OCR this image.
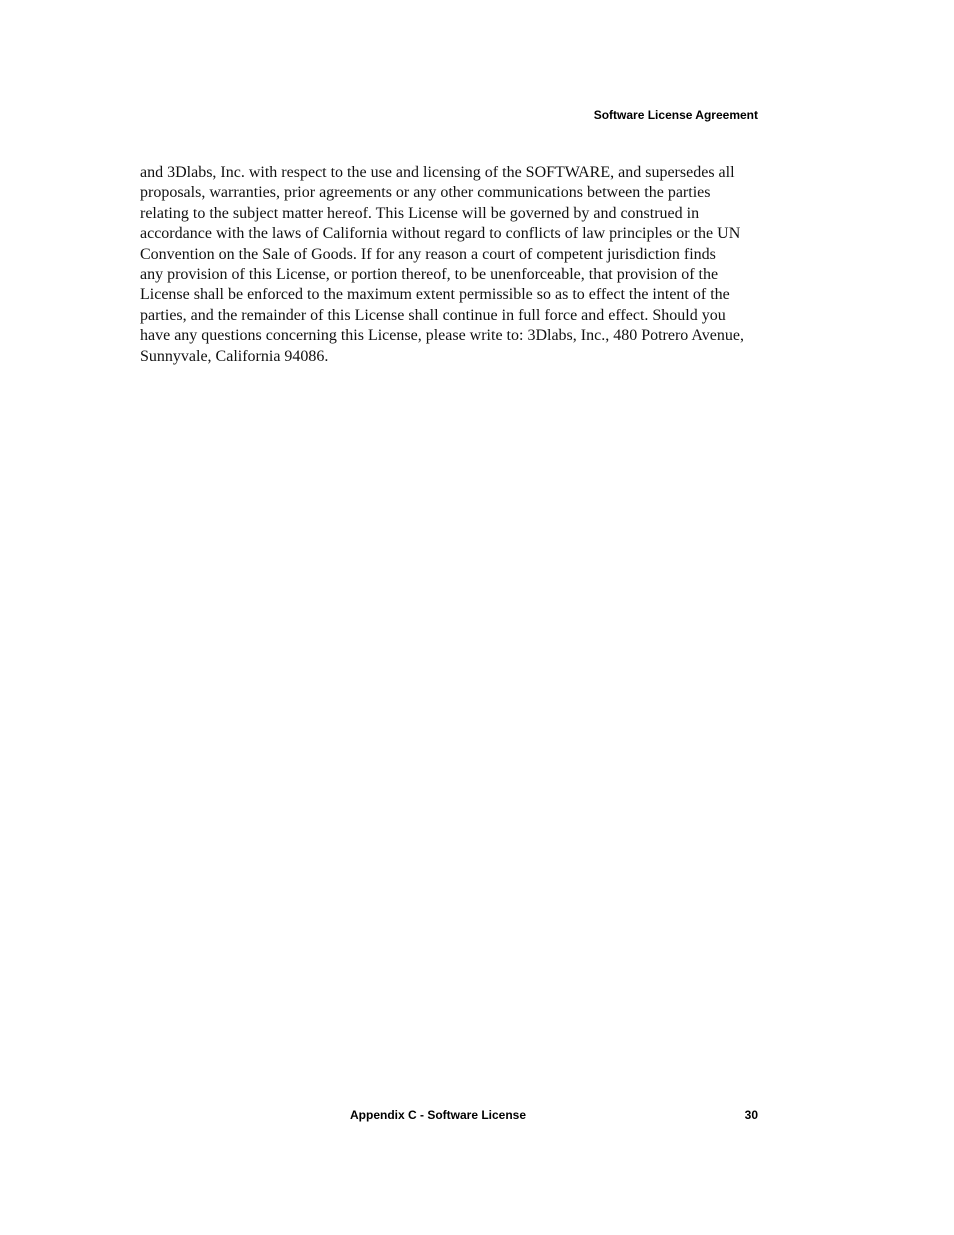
Software License Agreement

and 3Dlabs, Inc. with respect to the use and licensing of the SOFTWARE, and supersedes all
proposals, warranties, prior agreements or any other communications between the parties
relating to the subject matter hereof. This License will be governed by and construed in
accordance with the laws of California without regard to conflicts of law principles or the UN
Convention on the Sale of Goods. If for any reason a court of competent jurisdiction finds
any provision of this License, or portion thereof, to be unenforceable, that provision of the
License shall be enforced to the maximum extent permissible so as to effect the intent of the
parties, and the remainder of this License shall continue in full force and effect. Should you
have any questions concerning this License, please write to: 3Dlabs, Inc., 480 Potrero Avenue,
Sunnyvale, California 94086.

Appendix C - Software License	30
